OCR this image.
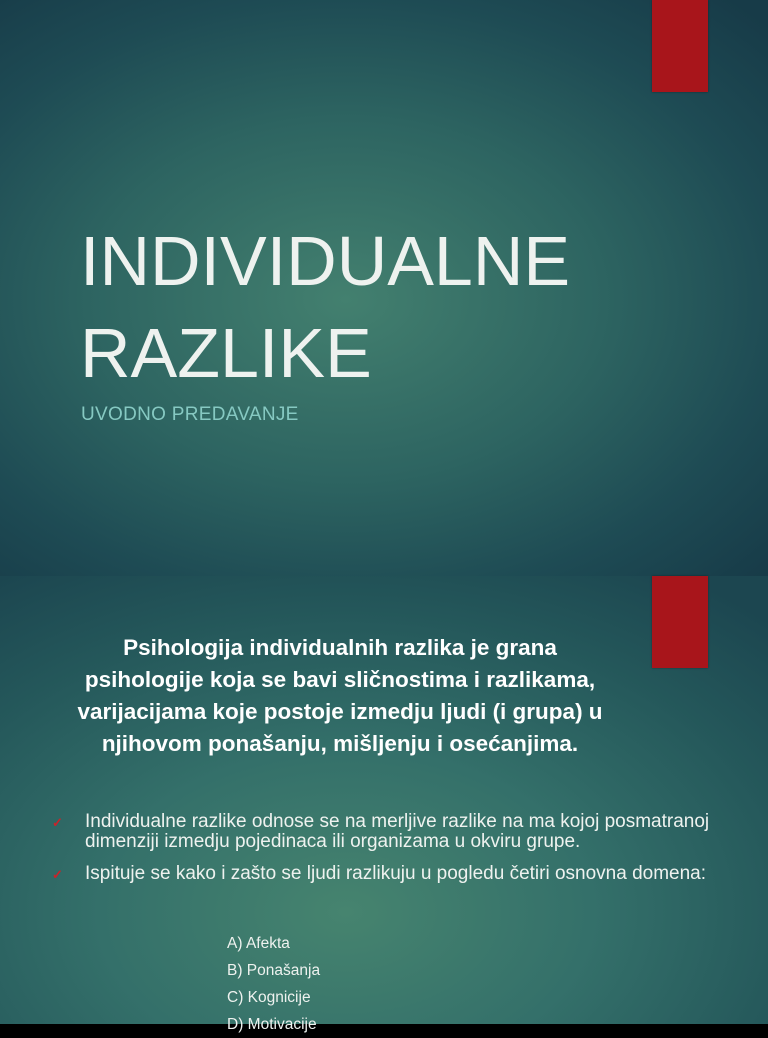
INDIVIDUALNE
RAZLIKE

UVODNO PREDAVANJE

Psihologija individualnih razlika je grana psihologije koja se bavi sličnostima i razlikama, varijacijama koje postoje izmedju ljudi (i grupa) u njihovom ponašanju, mišljenju i osećanjima.

✓ Individualne razlike odnose se na merljive razlike na ma kojoj posmatranoj dimenziji izmedju pojedinaca ili organizama u okviru grupe.
✓ Ispituje se kako i zašto se ljudi razlikuju u pogledu četiri osnovna domena:
A) Afekta
B) Ponašanja
C) Kognicije
D) Motivacije
